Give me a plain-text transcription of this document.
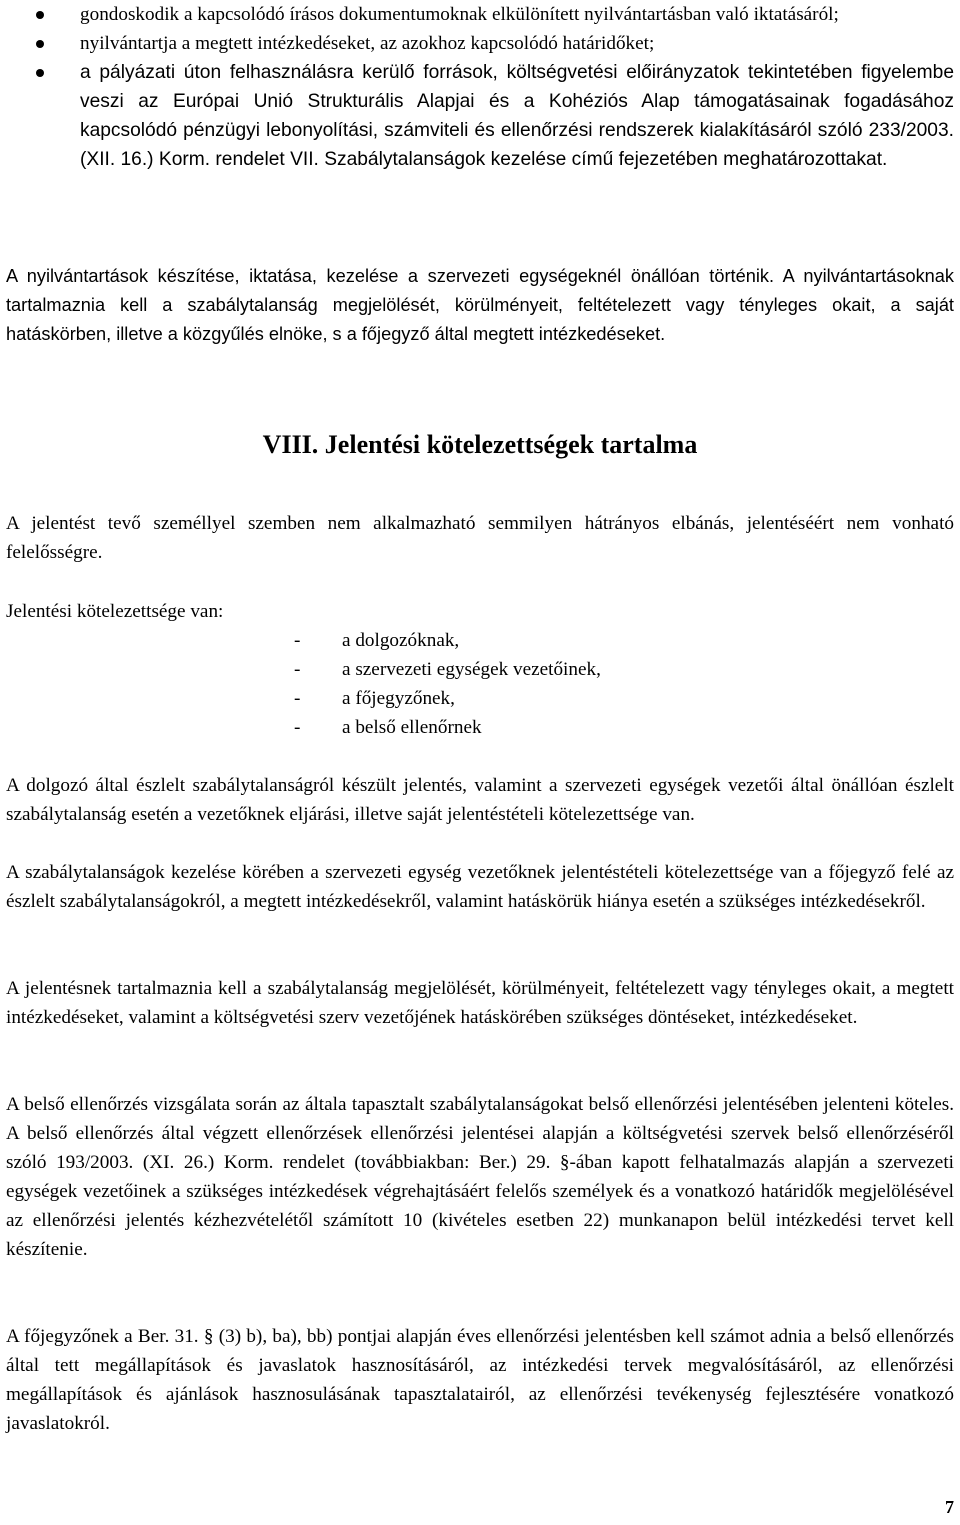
gondoskodik a kapcsolódó írásos dokumentumoknak elkülönített nyilvántartásban való iktatásáról;
nyilvántartja a megtett intézkedéseket, az azokhoz kapcsolódó határidőket;
a pályázati úton felhasználásra kerülő források, költségvetési előirányzatok tekintetében figyelembe veszi az Európai Unió Strukturális Alapjai és a Kohéziós Alap támogatásainak fogadásához kapcsolódó pénzügyi lebonyolítási, számviteli és ellenőrzési rendszerek kialakításáról szóló 233/2003. (XII. 16.) Korm. rendelet VII. Szabálytalanságok kezelése című fejezetében meghatározottakat.

A nyilvántartások készítése, iktatása, kezelése a szervezeti egységeknél önállóan történik. A nyilvántartásoknak tartalmaznia kell a szabálytalanság megjelölését, körülményeit, feltételezett vagy tényleges okait, a saját hatáskörben, illetve a közgyűlés elnöke, s a főjegyző által megtett intézkedéseket.

VIII. Jelentési kötelezettségek tartalma

A jelentést tevő személlyel szemben nem alkalmazható semmilyen hátrányos elbánás, jelentéséért nem vonható felelősségre.

Jelentési kötelezettsége van:

- a dolgozóknak,
- a szervezeti egységek vezetőinek,
- a főjegyzőnek,
- a belső ellenőrnek

A dolgozó által észlelt szabálytalanságról készült jelentés, valamint a szervezeti egységek vezetői által önállóan észlelt szabálytalanság esetén a vezetőknek eljárási, illetve saját jelentéstételi kötelezettsége van.

A szabálytalanságok kezelése körében a szervezeti egység vezetőknek jelentéstételi kötelezettsége van a főjegyző felé az észlelt szabálytalanságokról, a megtett intézkedésekről, valamint hatáskörük hiánya esetén a szükséges intézkedésekről.

A jelentésnek tartalmaznia kell a szabálytalanság megjelölését, körülményeit, feltételezett vagy tényleges okait, a megtett intézkedéseket, valamint a költségvetési szerv vezetőjének hatáskörében szükséges döntéseket, intézkedéseket.

A belső ellenőrzés vizsgálata során az általa tapasztalt szabálytalanságokat belső ellenőrzési jelentésében jelenteni köteles. A belső ellenőrzés által végzett ellenőrzések ellenőrzési jelentései alapján a költségvetési szervek belső ellenőrzéséről szóló 193/2003. (XI. 26.) Korm. rendelet (továbbiakban: Ber.) 29. §-ában kapott felhatalmazás alapján a szervezeti egységek vezetőinek a szükséges intézkedések végrehajtásáért felelős személyek és a vonatkozó határidők megjelölésével az ellenőrzési jelentés kézhezvételétől számított 10 (kivételes esetben 22) munkanapon belül intézkedési tervet kell készítenie.

A főjegyzőnek a Ber. 31. § (3) b), ba), bb) pontjai alapján éves ellenőrzési jelentésben kell számot adnia a belső ellenőrzés által tett megállapítások és javaslatok hasznosításáról, az intézkedési tervek megvalósításáról, az ellenőrzési megállapítások és ajánlások hasznosulásának tapasztalatairól, az ellenőrzési tevékenység fejlesztésére vonatkozó javaslatokról.

7
